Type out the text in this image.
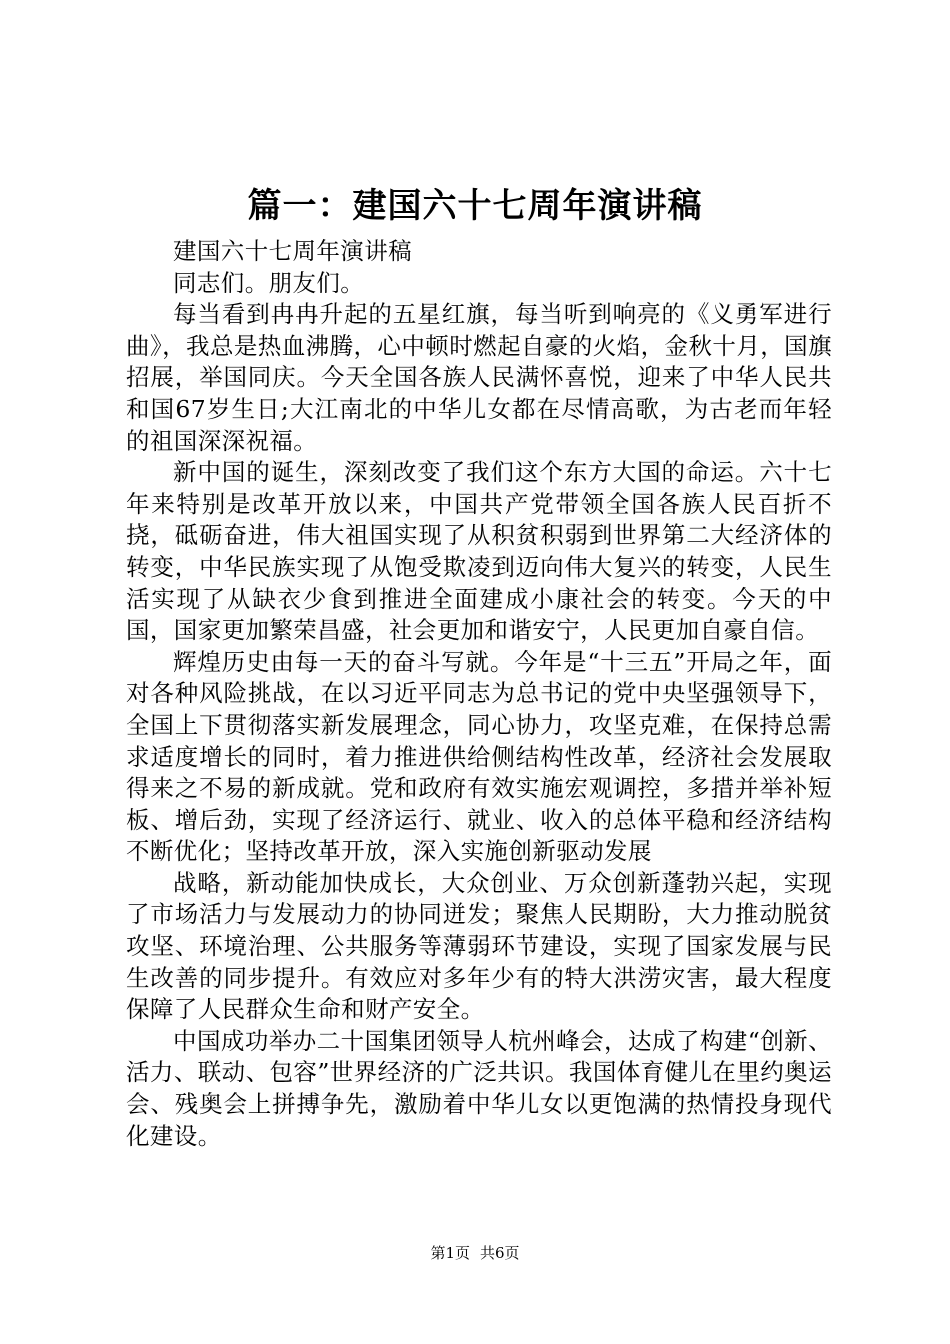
篇一：建国六十七周年演讲稿

建国六十七周年演讲稿

同志们。朋友们。

每当看到冉冉升起的五星红旗，每当听到响亮的《义勇军进行曲》，我总是热血沸腾，心中顿时燃起自豪的火焰，金秋十月，国旗招展，举国同庆。今天全国各族人民满怀喜悦，迎来了中华人民共和国67岁生日;大江南北的中华儿女都在尽情高歌，为古老而年轻的祖国深深祝福。

新中国的诞生，深刻改变了我们这个东方大国的命运。六十七年来特别是改革开放以来，中国共产党带领全国各族人民百折不挠，砥砺奋进，伟大祖国实现了从积贫积弱到世界第二大经济体的转变，中华民族实现了从饱受欺凌到迈向伟大复兴的转变，人民生活实现了从缺衣少食到推进全面建成小康社会的转变。今天的中国，国家更加繁荣昌盛，社会更加和谐安宁，人民更加自豪自信。

辉煌历史由每一天的奋斗写就。今年是“十三五”开局之年，面对各种风险挑战，在以习近平同志为总书记的党中央坚强领导下，全国上下贯彻落实新发展理念，同心协力，攻坚克难，在保持总需求适度增长的同时，着力推进供给侧结构性改革，经济社会发展取得来之不易的新成就。党和政府有效实施宏观调控，多措并举补短板、增后劲，实现了经济运行、就业、收入的总体平稳和经济结构不断优化；坚持改革开放，深入实施创新驱动发展

战略，新动能加快成长，大众创业、万众创新蓬勃兴起，实现了市场活力与发展动力的协同迸发；聚焦人民期盼，大力推动脱贫攻坚、环境治理、公共服务等薄弱环节建设，实现了国家发展与民生改善的同步提升。有效应对多年少有的特大洪涝灾害，最大程度保障了人民群众生命和财产安全。

中国成功举办二十国集团领导人杭州峰会，达成了构建“创新、活力、联动、包容”世界经济的广泛共识。我国体育健儿在里约奥运会、残奥会上拼搏争先，激励着中华儿女以更饱满的热情投身现代化建设。

第1页 共6页
